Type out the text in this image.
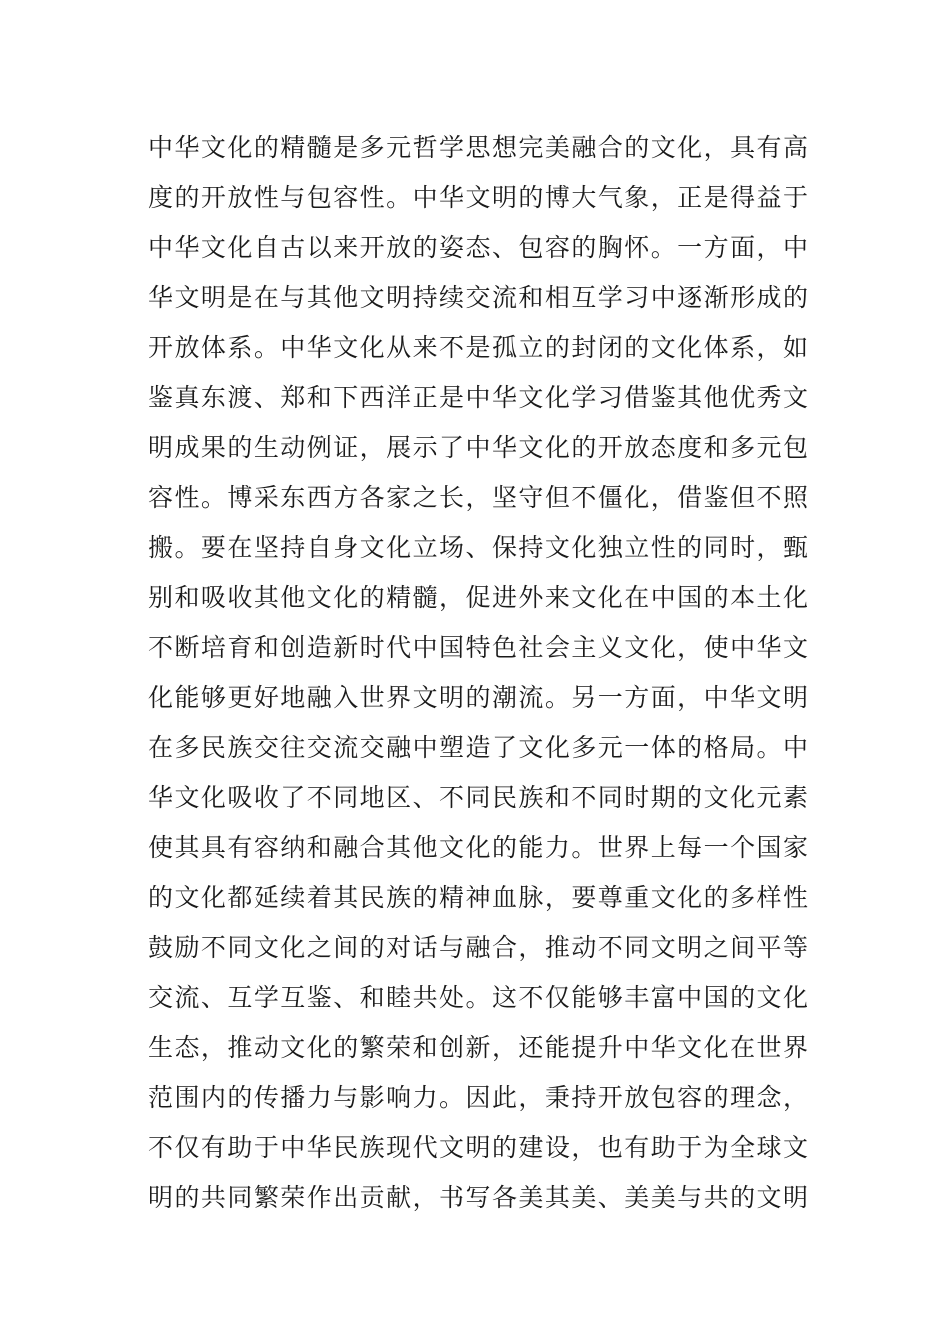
中华文化的精髓是多元哲学思想完美融合的文化，具有高
度的开放性与包容性。中华文明的博大气象，正是得益于
中华文化自古以来开放的姿态、包容的胸怀。一方面，中
华文明是在与其他文明持续交流和相互学习中逐渐形成的
开放体系。中华文化从来不是孤立的封闭的文化体系，如
鉴真东渡、郑和下西洋正是中华文化学习借鉴其他优秀文
明成果的生动例证，展示了中华文化的开放态度和多元包
容性。博采东西方各家之长，坚守但不僵化，借鉴但不照
搬。要在坚持自身文化立场、保持文化独立性的同时，甄
别和吸收其他文化的精髓，促进外来文化在中国的本土化
不断培育和创造新时代中国特色社会主义文化，使中华文
化能够更好地融入世界文明的潮流。另一方面，中华文明
在多民族交往交流交融中塑造了文化多元一体的格局。中
华文化吸收了不同地区、不同民族和不同时期的文化元素
使其具有容纳和融合其他文化的能力。世界上每一个国家
的文化都延续着其民族的精神血脉，要尊重文化的多样性
鼓励不同文化之间的对话与融合，推动不同文明之间平等
交流、互学互鉴、和睦共处。这不仅能够丰富中国的文化
生态，推动文化的繁荣和创新，还能提升中华文化在世界
范围内的传播力与影响力。因此，秉持开放包容的理念，
不仅有助于中华民族现代文明的建设，也有助于为全球文
明的共同繁荣作出贡献，书写各美其美、美美与共的文明
